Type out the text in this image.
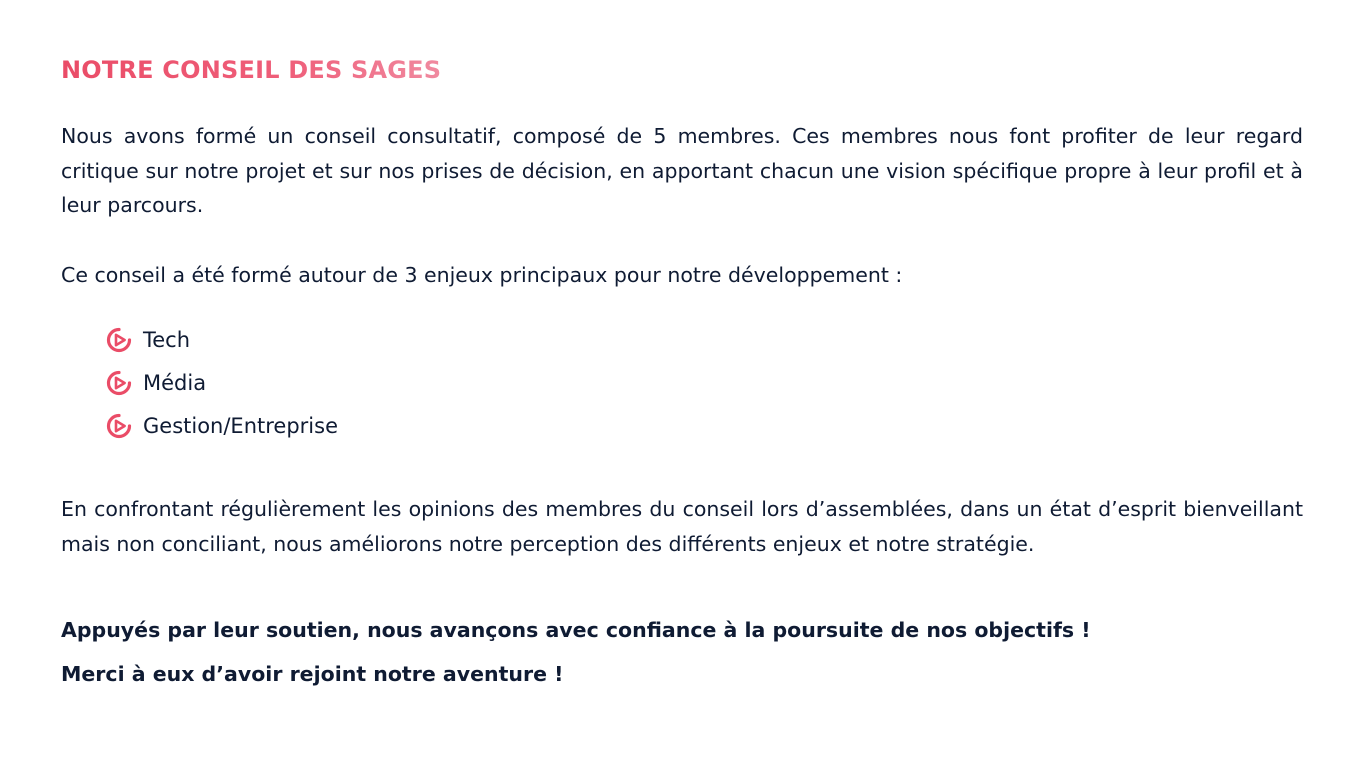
NOTRE CONSEIL DES SAGES

Nous avons formé un conseil consultatif, composé de 5 membres. Ces membres nous font profiter de leur regard critique sur notre projet et sur nos prises de décision, en apportant chacun une vision spécifique propre à leur profil et à leur parcours.

Ce conseil a été formé autour de 3 enjeux principaux pour notre développement :

Tech
Média
Gestion/Entreprise

En confrontant régulièrement les opinions des membres du conseil lors d’assemblées, dans un état d’esprit bienveillant mais non conciliant, nous améliorons notre perception des différents enjeux et notre stratégie.

Appuyés par leur soutien, nous avançons avec confiance à la poursuite de nos objectifs !

Merci à eux d’avoir rejoint notre aventure !
